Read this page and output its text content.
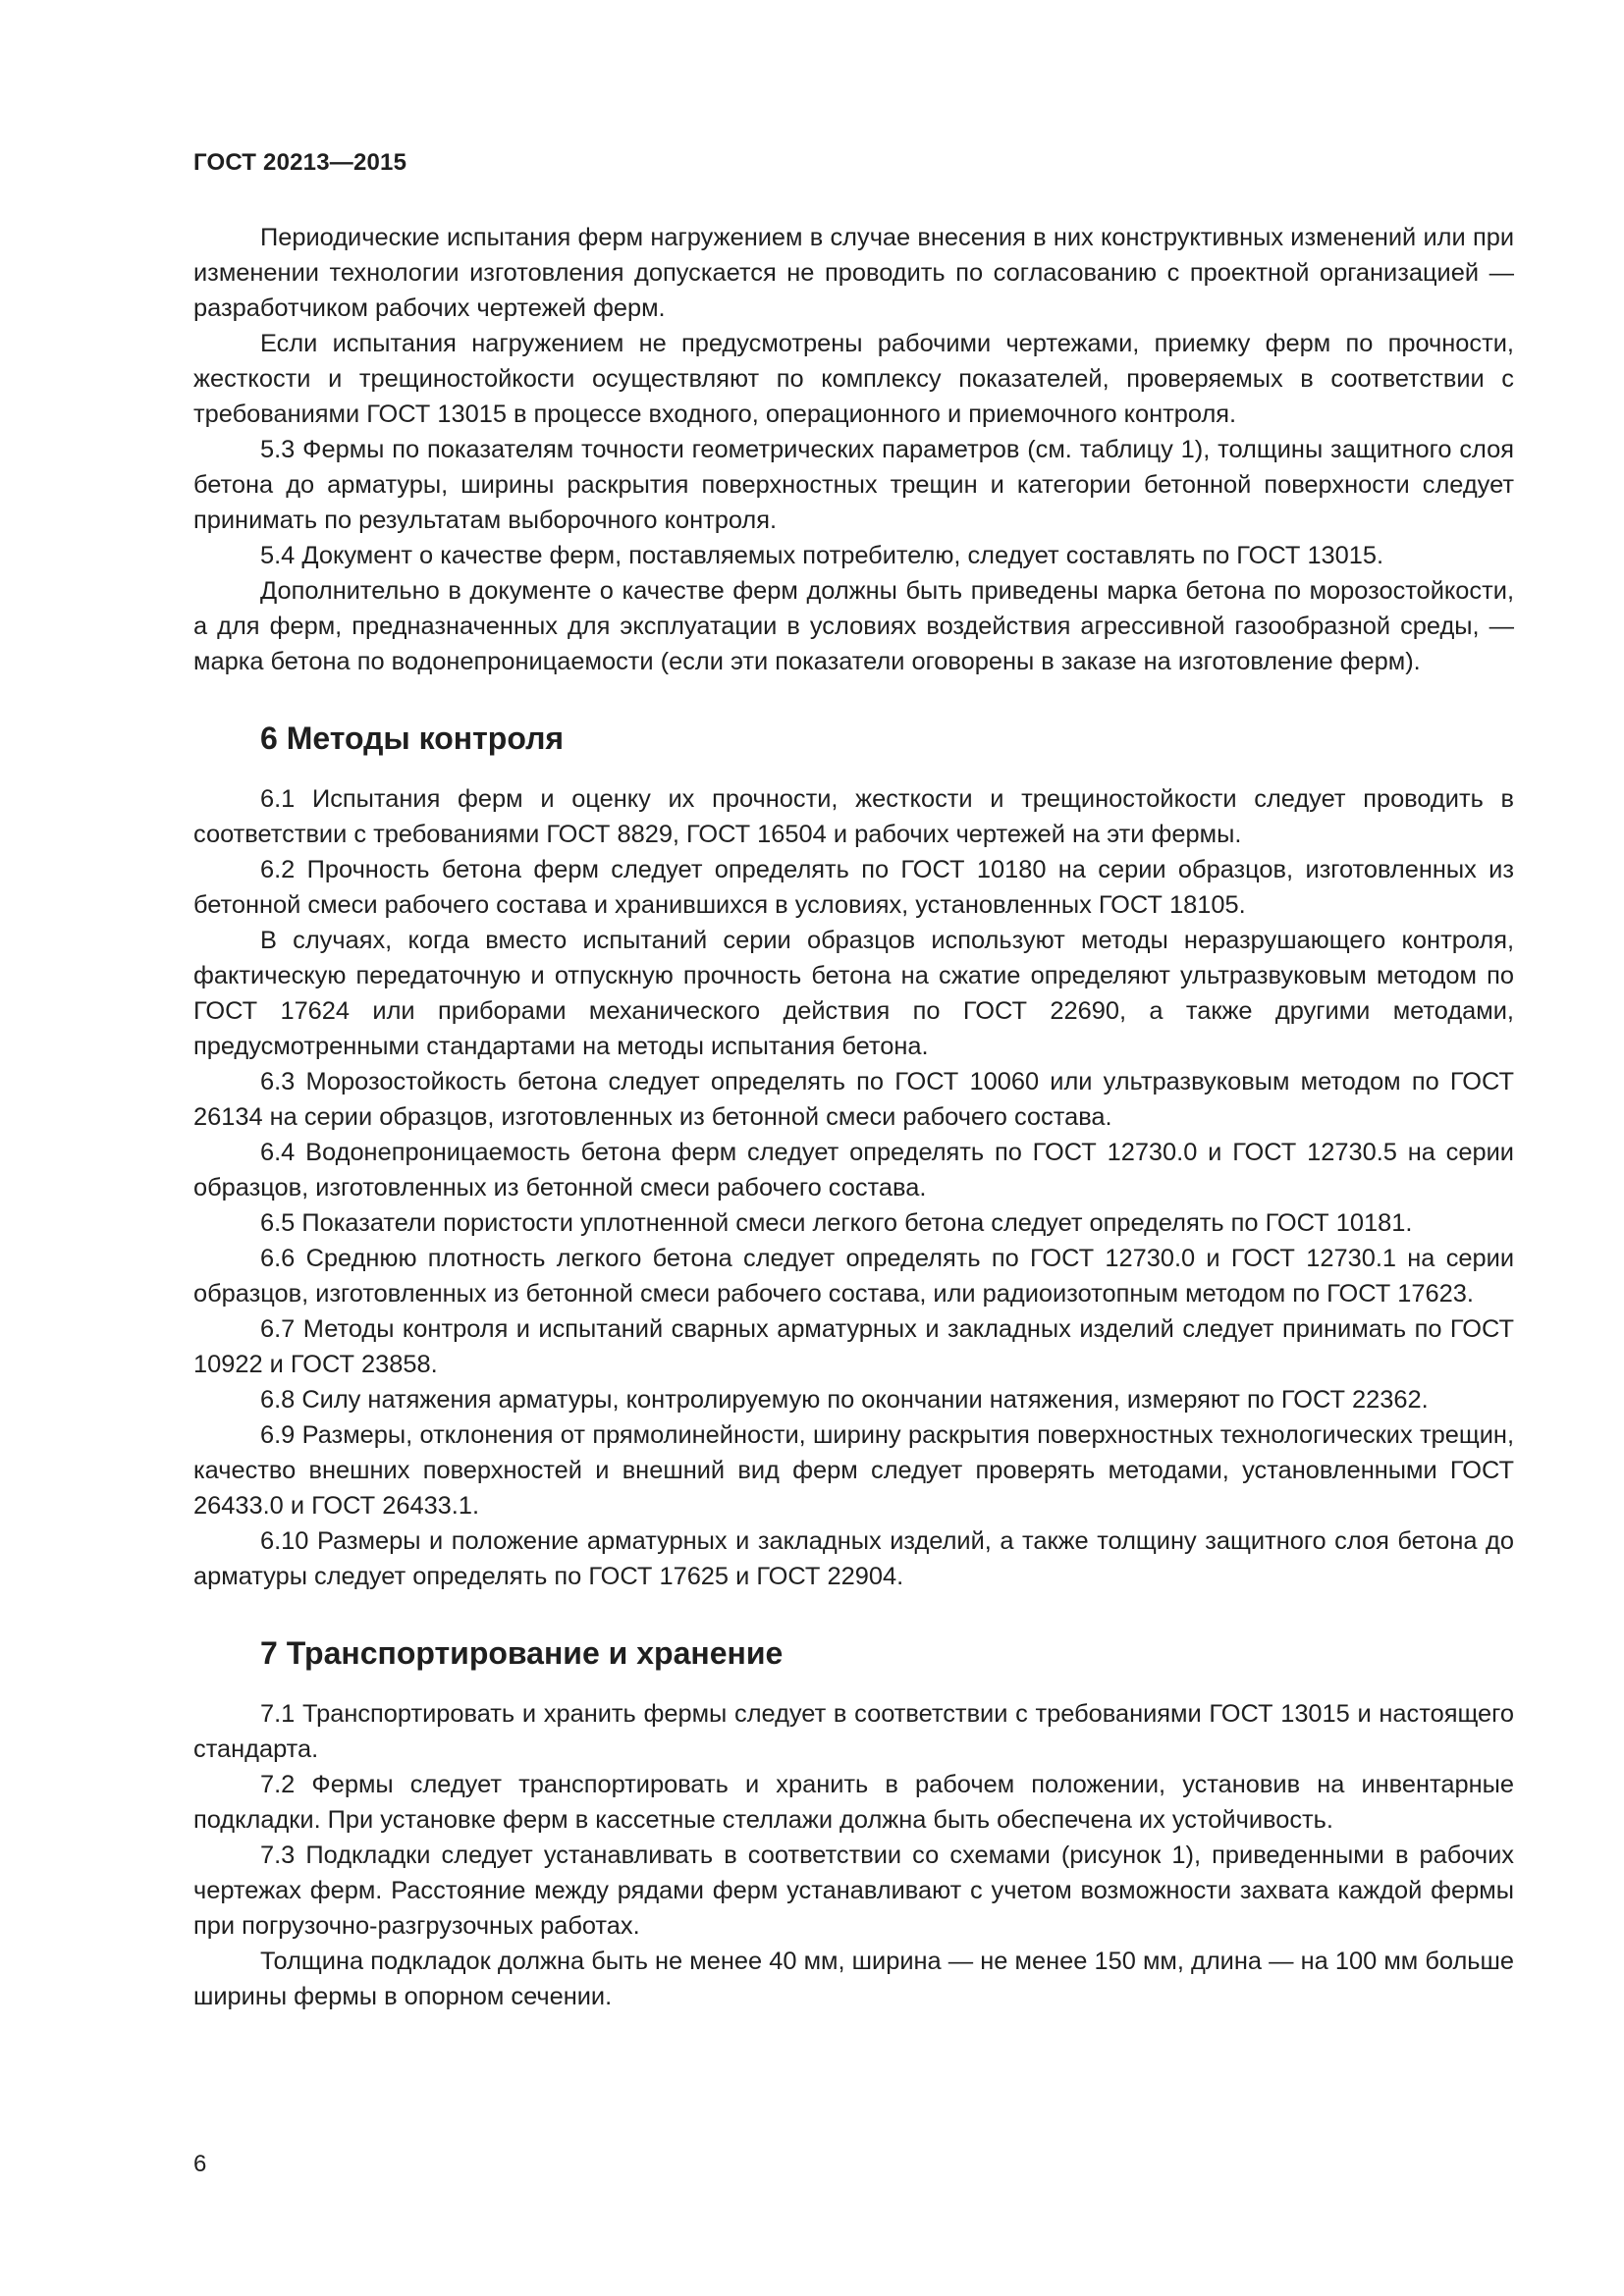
ГОСТ 20213—2015

Периодические испытания ферм нагружением в случае внесения в них конструктивных изменений или при изменении технологии изготовления допускается не проводить по согласованию с проектной организацией — разработчиком рабочих чертежей ферм.

Если испытания нагружением не предусмотрены рабочими чертежами, приемку ферм по прочности, жесткости и трещиностойкости осуществляют по комплексу показателей, проверяемых в соответствии с требованиями ГОСТ 13015 в процессе входного, операционного и приемочного контроля.

5.3 Фермы по показателям точности геометрических параметров (см. таблицу 1), толщины защитного слоя бетона до арматуры, ширины раскрытия поверхностных трещин и категории бетонной поверхности следует принимать по результатам выборочного контроля.

5.4 Документ о качестве ферм, поставляемых потребителю, следует составлять по ГОСТ 13015.

Дополнительно в документе о качестве ферм должны быть приведены марка бетона по морозостойкости, а для ферм, предназначенных для эксплуатации в условиях воздействия агрессивной газообразной среды, — марка бетона по водонепроницаемости (если эти показатели оговорены в заказе на изготовление ферм).

6 Методы контроля

6.1 Испытания ферм и оценку их прочности, жесткости и трещиностойкости следует проводить в соответствии с требованиями ГОСТ 8829, ГОСТ 16504 и рабочих чертежей на эти фермы.

6.2 Прочность бетона ферм следует определять по ГОСТ 10180 на серии образцов, изготовленных из бетонной смеси рабочего состава и хранившихся в условиях, установленных ГОСТ 18105.

В случаях, когда вместо испытаний серии образцов используют методы неразрушающего контроля, фактическую передаточную и отпускную прочность бетона на сжатие определяют ультразвуковым методом по ГОСТ 17624 или приборами механического действия по ГОСТ 22690, а также другими методами, предусмотренными стандартами на методы испытания бетона.

6.3 Морозостойкость бетона следует определять по ГОСТ 10060 или ультразвуковым методом по ГОСТ 26134 на серии образцов, изготовленных из бетонной смеси рабочего состава.

6.4 Водонепроницаемость бетона ферм следует определять по ГОСТ 12730.0 и ГОСТ 12730.5 на серии образцов, изготовленных из бетонной смеси рабочего состава.

6.5 Показатели пористости уплотненной смеси легкого бетона следует определять по ГОСТ 10181.

6.6 Среднюю плотность легкого бетона следует определять по ГОСТ 12730.0 и ГОСТ 12730.1 на серии образцов, изготовленных из бетонной смеси рабочего состава, или радиоизотопным методом по ГОСТ 17623.

6.7 Методы контроля и испытаний сварных арматурных и закладных изделий следует принимать по ГОСТ 10922 и ГОСТ 23858.

6.8 Силу натяжения арматуры, контролируемую по окончании натяжения, измеряют по ГОСТ 22362.

6.9 Размеры, отклонения от прямолинейности, ширину раскрытия поверхностных технологических трещин, качество внешних поверхностей и внешний вид ферм следует проверять методами, установленными ГОСТ 26433.0 и ГОСТ 26433.1.

6.10 Размеры и положение арматурных и закладных изделий, а также толщину защитного слоя бетона до арматуры следует определять по ГОСТ 17625 и ГОСТ 22904.

7 Транспортирование и хранение

7.1 Транспортировать и хранить фермы следует в соответствии с требованиями ГОСТ 13015 и настоящего стандарта.

7.2 Фермы следует транспортировать и хранить в рабочем положении, установив на инвентарные подкладки. При установке ферм в кассетные стеллажи должна быть обеспечена их устойчивость.

7.3 Подкладки следует устанавливать в соответствии со схемами (рисунок 1), приведенными в рабочих чертежах ферм. Расстояние между рядами ферм устанавливают с учетом возможности захвата каждой фермы при погрузочно-разгрузочных работах.

Толщина подкладок должна быть не менее 40 мм, ширина — не менее 150 мм, длина — на 100 мм больше ширины фермы в опорном сечении.

6
